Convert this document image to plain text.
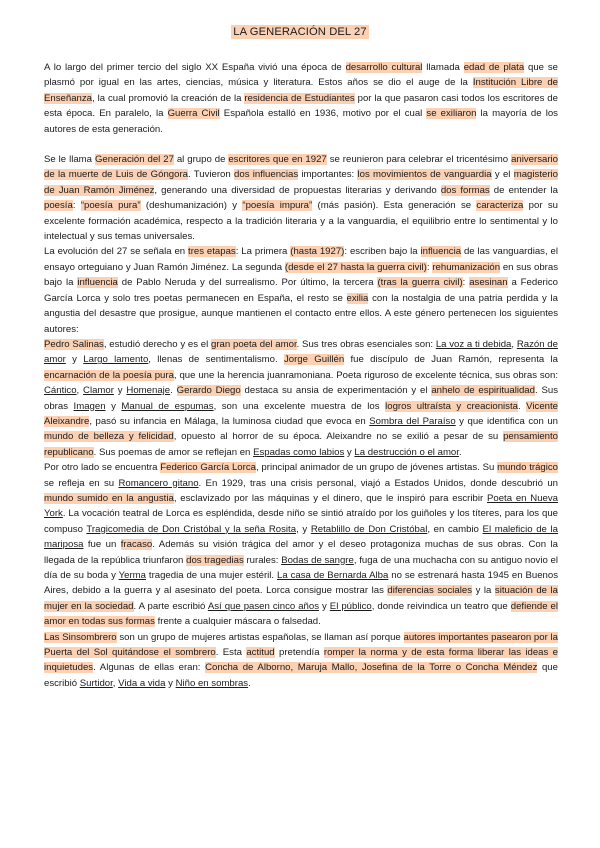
LA GENERACIÓN DEL 27

A lo largo del primer tercio del siglo XX España vivió una época de desarrollo cultural llamada edad de plata que se plasmó por igual en las artes, ciencias, música y literatura. Estos años se dio el auge de la Institución Libre de Enseñanza, la cual promovió la creación de la residencia de Estudiantes por la que pasaron casi todos los escritores de esta época. En paralelo, la Guerra Civil Española estalló en 1936, motivo por el cual se exiliaron la mayoría de los autores de esta generación.

Se le llama Generación del 27 al grupo de escritores que en 1927 se reunieron para celebrar el tricentésimo aniversario de la muerte de Luis de Góngora. Tuvieron dos influencias importantes: los movimientos de vanguardia y el magisterio de Juan Ramón Jiménez, generando una diversidad de propuestas literarias y derivando dos formas de entender la poesía: “poesía pura” (deshumanización) y “poesía impura” (más pasión). Esta generación se caracteriza por su excelente formación académica, respecto a la tradición literaria y a la vanguardia, el equilibrio entre lo sentimental y lo intelectual y sus temas universales.

La evolución del 27 se señala en tres etapas: La primera (hasta 1927): escriben bajo la influencia de las vanguardias, el ensayo orteguiano y Juan Ramón Jiménez. La segunda (desde el 27 hasta la guerra civil): rehumanización en sus obras bajo la influencia de Pablo Neruda y del surrealismo. Por último, la tercera (tras la guerra civil): asesinan a Federico García Lorca y solo tres poetas permanecen en España, el resto se exilia con la nostalgia de una patria perdida y la angustia del desastre que prosigue, aunque mantienen el contacto entre ellos. A este género pertenecen los siguientes autores:

Pedro Salinas, estudió derecho y es el gran poeta del amor. Sus tres obras esenciales son: La voz a ti debida, Razón de amor y Largo lamento, llenas de sentimentalismo. Jorge Guillén fue discípulo de Juan Ramón, representa la encarnación de la poesía pura, que une la herencia juanramoniana. Poeta riguroso de excelente técnica, sus obras son: Cántico, Clamor y Homenaje. Gerardo Diego destaca su ansia de experimentación y el anhelo de espiritualidad. Sus obras Imagen y Manual de espumas, son una excelente muestra de los logros ultraísta y creacionista. Vicente Aleixandre, pasó su infancia en Málaga, la luminosa ciudad que evoca en Sombra del Paraíso y que identifica con un mundo de belleza y felicidad, opuesto al horror de su época. Aleixandre no se exilió a pesar de su pensamiento republicano. Sus poemas de amor se reflejan en Espadas como labios y La destrucción o el amor.

Por otro lado se encuentra Federico García Lorca, principal animador de un grupo de jóvenes artistas. Su mundo trágico se refleja en su Romancero gitano. En 1929, tras una crisis personal, viajó a Estados Unidos, donde descubrió un mundo sumido en la angustia, esclavizado por las máquinas y el dinero, que le inspiró para escribir Poeta en Nueva York. La vocación teatral de Lorca es espléndida, desde niño se sintió atraído por los guiñoles y los títeres, para los que compuso Tragicomedia de Don Cristóbal y la seña Rosita, y Retablillo de Don Cristóbal, en cambio El maleficio de la mariposa fue un fracaso. Además su visión trágica del amor y el deseo protagoniza muchas de sus obras. Con la llegada de la república triunfaron dos tragedias rurales: Bodas de sangre, fuga de una muchacha con su antiguo novio el día de su boda y Yerma tragedia de una mujer estéril. La casa de Bernarda Alba no se estrenará hasta 1945 en Buenos Aires, debido a la guerra y al asesinato del poeta. Lorca consigue mostrar las diferencias sociales y la situación de la mujer en la sociedad. A parte escribió Así que pasen cinco años y El público, donde reivindica un teatro que defiende el amor en todas sus formas frente a cualquier máscara o falsedad.

Las Sinsombrero son un grupo de mujeres artistas españolas, se llaman así porque autores importantes pasearon por la Puerta del Sol quitándose el sombrero. Esta actitud pretendía romper la norma y de esta forma liberar las ideas e inquietudes. Algunas de ellas eran: Concha de Alborno, Maruja Mallo, Josefina de la Torre o Concha Méndez que escribió Surtidor, Vida a vida y Niño en sombras.
